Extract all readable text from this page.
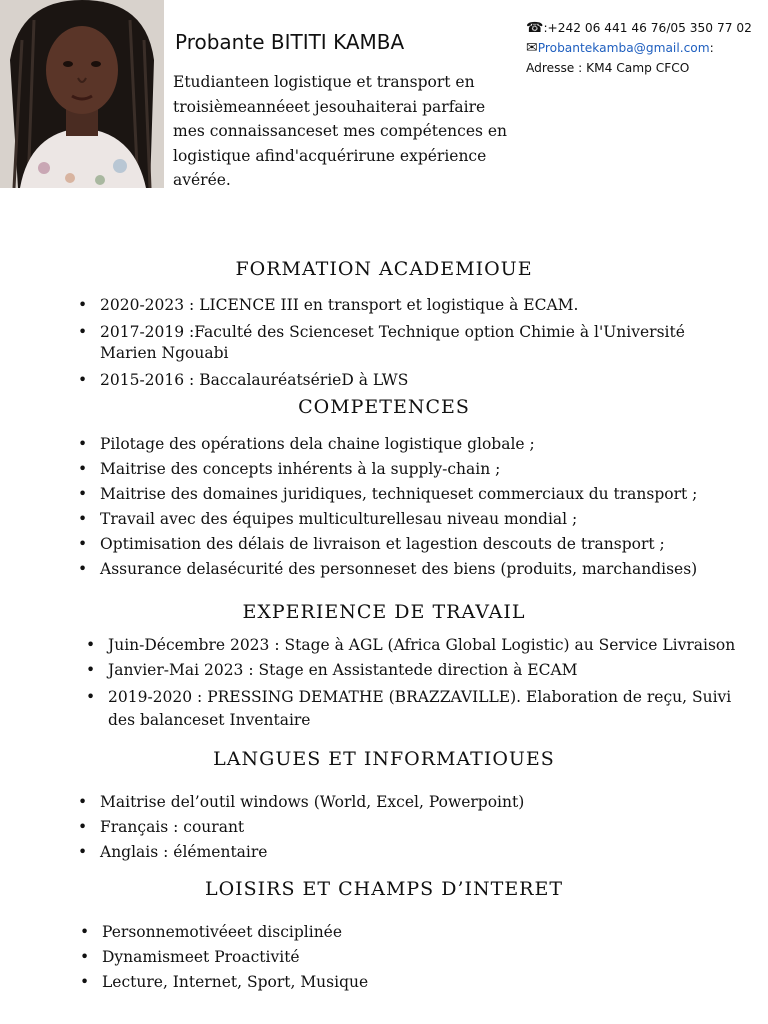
Probante BITITI KAMBA
Etudianteen logistique et transport en troisièmeannéeet jesouhaiterai parfaire mes connaissanceset mes compétences en logistique afind'acquérirune expérience avérée.
☎:+242 06 441 46 76/05 350 77 02 ✉Probantekamba@gmail.com:
Adresse : KM4 Camp CFCO
FORMATION ACADEMIOUE
• 2020-2023 : LICENCE III en transport et logistique à ECAM.
• 2017-2019 :Faculté des Scienceset Technique option Chimie à l'Université Marien Ngouabi
• 2015-2016 : BaccalauréatsérieD à LWS
COMPETENCES
• Pilotage des opérations dela chaine logistique globale ;
• Maitrise des concepts inhérents à la supply-chain ;
• Maitrise des domaines juridiques, techniqueset commerciaux du transport ;
• Travail avec des équipes multiculturellesau niveau mondial ;
• Optimisation des délais de livraison et lagestion descouts de transport ;
• Assurance delasécurité des personneset des biens (produits, marchandises)
EXPERIENCE DE TRAVAIL
• Juin-Décembre 2023 : Stage à AGL (Africa Global Logistic) au Service Livraison
• Janvier-Mai 2023 : Stage en Assistantede direction à ECAM
• 2019-2020 : PRESSING DEMATHE (BRAZZAVILLE). Elaboration de reçu, Suivi des balanceset Inventaire
LANGUES ET INFORMATIOUES
• Maitrise del’outil windows (World, Excel, Powerpoint)
• Français : courant
• Anglais : élémentaire
LOISIRS ET CHAMPS D’INTERET
• Personnemotivéeet disciplinée
• Dynamismeet Proactivité
• Lecture, Internet, Sport, Musique
